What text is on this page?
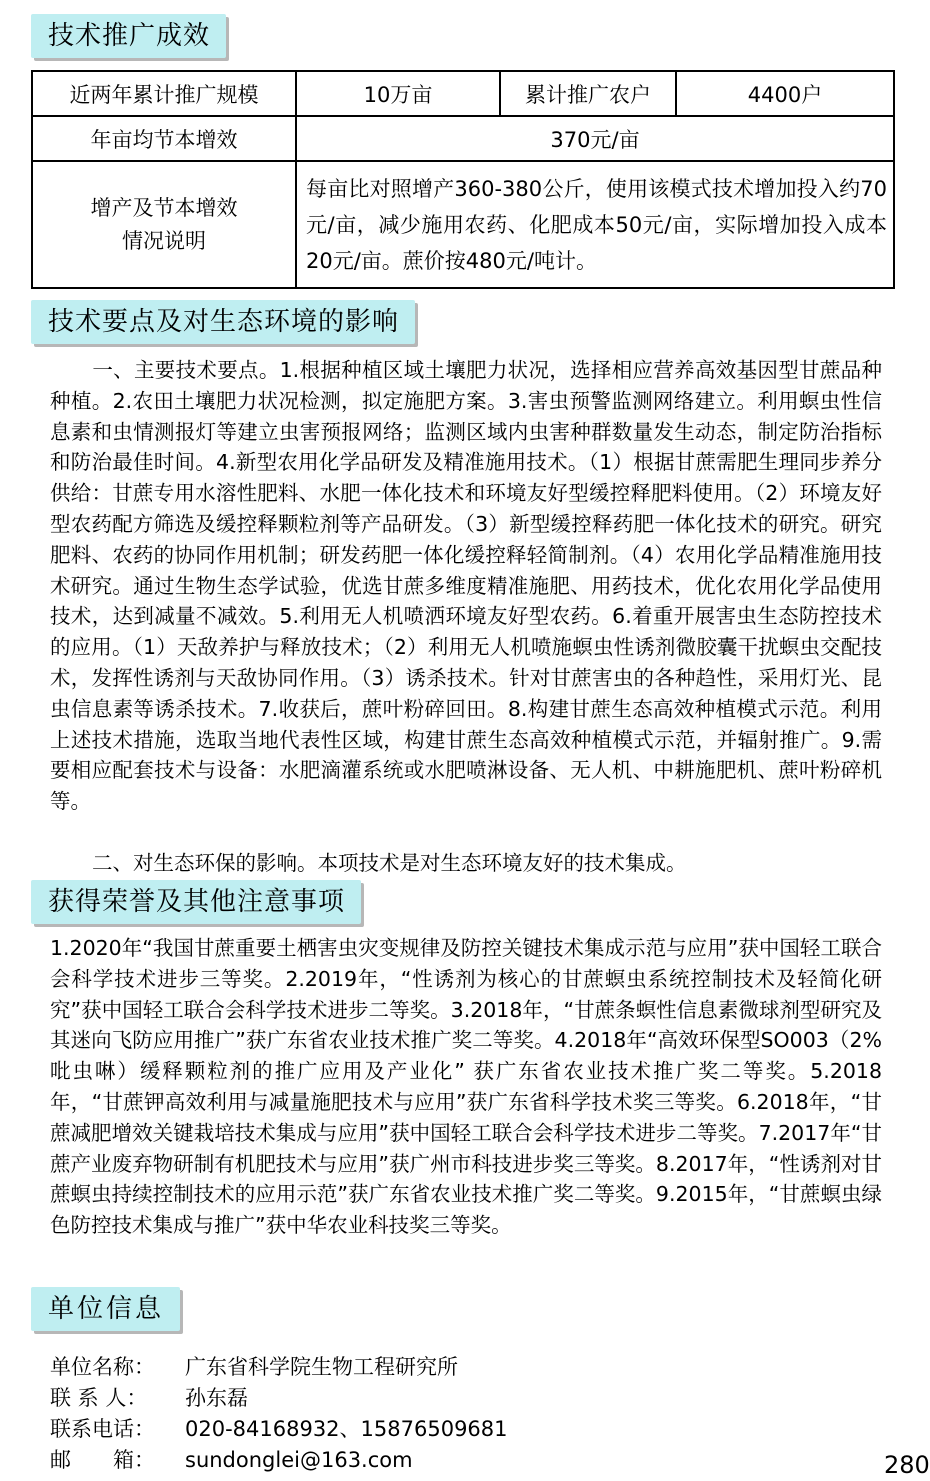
技术推广成效
近两年累计推广规模	10万亩	累计推广农户	4400户
年亩均节本增效	370元/亩		

增产及节本增效
情况说明	每亩比对照增产360-380公斤，使用该模式技术增加投入约70元/亩，减少施用农药、化肥成本50元/亩，实际增加投入成本20元/亩。蔗价按480元/吨计。		
技术要点及对生态环境的影响

一、主要技术要点。1.根据种植区域土壤肥力状况，选择相应营养高效基因型甘蔗品种种植。2.农田土壤肥力状况检测，拟定施肥方案。3.害虫预警监测网络建立。利用螟虫性信息素和虫情测报灯等建立虫害预报网络；监测区域内虫害种群数量发生动态，制定防治指标和防治最佳时间。4.新型农用化学品研发及精准施用技术。（1）根据甘蔗需肥生理同步养分供给：甘蔗专用水溶性肥料、水肥一体化技术和环境友好型缓控释肥料使用。（2）环境友好型农药配方筛选及缓控释颗粒剂等产品研发。（3）新型缓控释药肥一体化技术的研究。研究肥料、农药的协同作用机制；研发药肥一体化缓控释轻简制剂。（4）农用化学品精准施用技术研究。通过生物生态学试验，优选甘蔗多维度精准施肥、用药技术，优化农用化学品使用技术，达到减量不减效。5.利用无人机喷洒环境友好型农药。6.着重开展害虫生态防控技术的应用。（1）天敌养护与释放技术；（2）利用无人机喷施螟虫性诱剂微胶囊干扰螟虫交配技术，发挥性诱剂与天敌协同作用。（3）诱杀技术。针对甘蔗害虫的各种趋性，采用灯光、昆虫信息素等诱杀技术。7.收获后，蔗叶粉碎回田。8.构建甘蔗生态高效种植模式示范。利用上述技术措施，选取当地代表性区域，构建甘蔗生态高效种植模式示范，并辐射推广。9.需要相应配套技术与设备：水肥滴灌系统或水肥喷淋设备、无人机、中耕施肥机、蔗叶粉碎机等。

二、对生态环保的影响。本项技术是对生态环境友好的技术集成。

获得荣誉及其他注意事项

1.2020年“我国甘蔗重要土栖害虫灾变规律及防控关键技术集成示范与应用”获中国轻工联合会科学技术进步三等奖。2.2019年，“性诱剂为核心的甘蔗螟虫系统控制技术及轻简化研究”获中国轻工联合会科学技术进步二等奖。3.2018年，“甘蔗条螟性信息素微球剂型研究及其迷向飞防应用推广”获广东省农业技术推广奖二等奖。4.2018年“高效环保型SO003（2%吡虫啉）缓释颗粒剂的推广应用及产业化” 获广东省农业技术推广奖二等奖。5.2018年，“甘蔗钾高效利用与减量施肥技术与应用”获广东省科学技术奖三等奖。6.2018年，“甘蔗减肥增效关键栽培技术集成与应用”获中国轻工联合会科学技术进步二等奖。7.2017年“甘蔗产业废弃物研制有机肥技术与应用”获广州市科技进步奖三等奖。8.2017年，“性诱剂对甘蔗螟虫持续控制技术的应用示范”获广东省农业技术推广奖二等奖。9.2015年，“甘蔗螟虫绿色防控技术集成与推广”获中华农业科技奖三等奖。

单位信息
单位名称： 广东省科学院生物工程研究所
联 系 人： 孙东磊
联系电话： 020-84168932、15876509681
邮　　箱： sundonglei@163.com	280
